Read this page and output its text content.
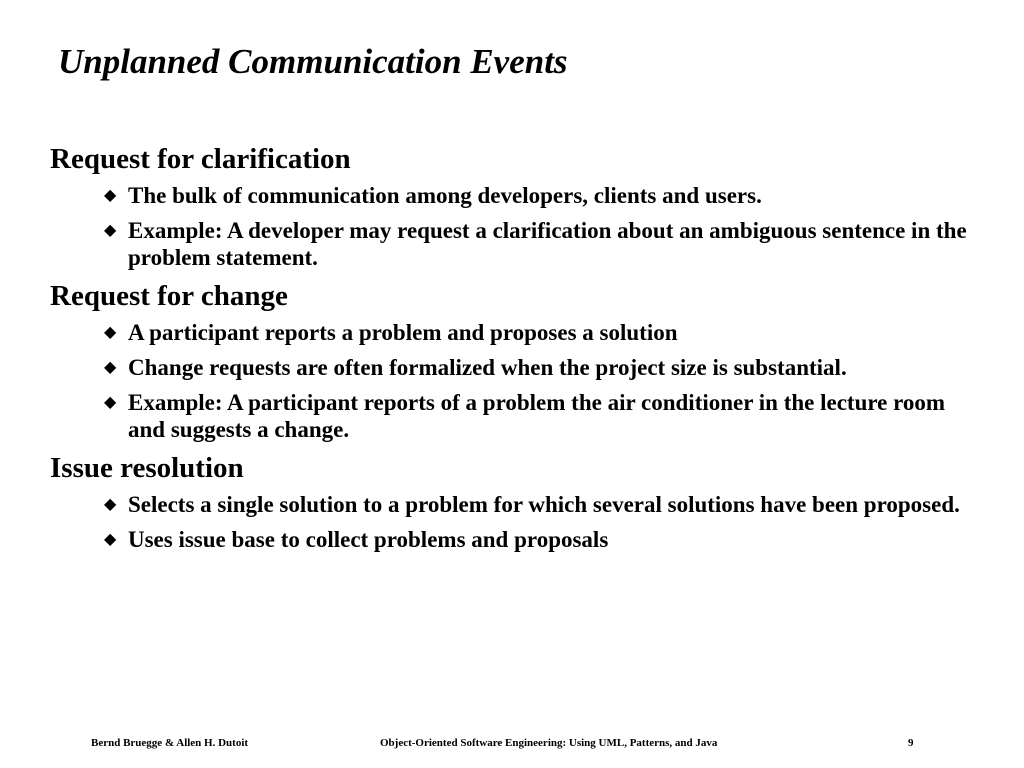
Unplanned Communication Events
Request for clarification
◆ The bulk of communication among developers, clients and users.
◆ Example: A developer may request a clarification about an ambiguous sentence in the problem statement.
Request for change
◆ A participant reports a problem and proposes a solution
◆ Change requests are often formalized when the project size is substantial.
◆ Example: A participant reports of a problem the air conditioner in the lecture room and suggests a change.
Issue resolution
◆ Selects a single solution to a problem for which several solutions have been proposed.
◆ Uses issue base to collect problems and proposals
Bernd Bruegge & Allen H. Dutoit	Object-Oriented Software Engineering: Using UML, Patterns, and Java	9
